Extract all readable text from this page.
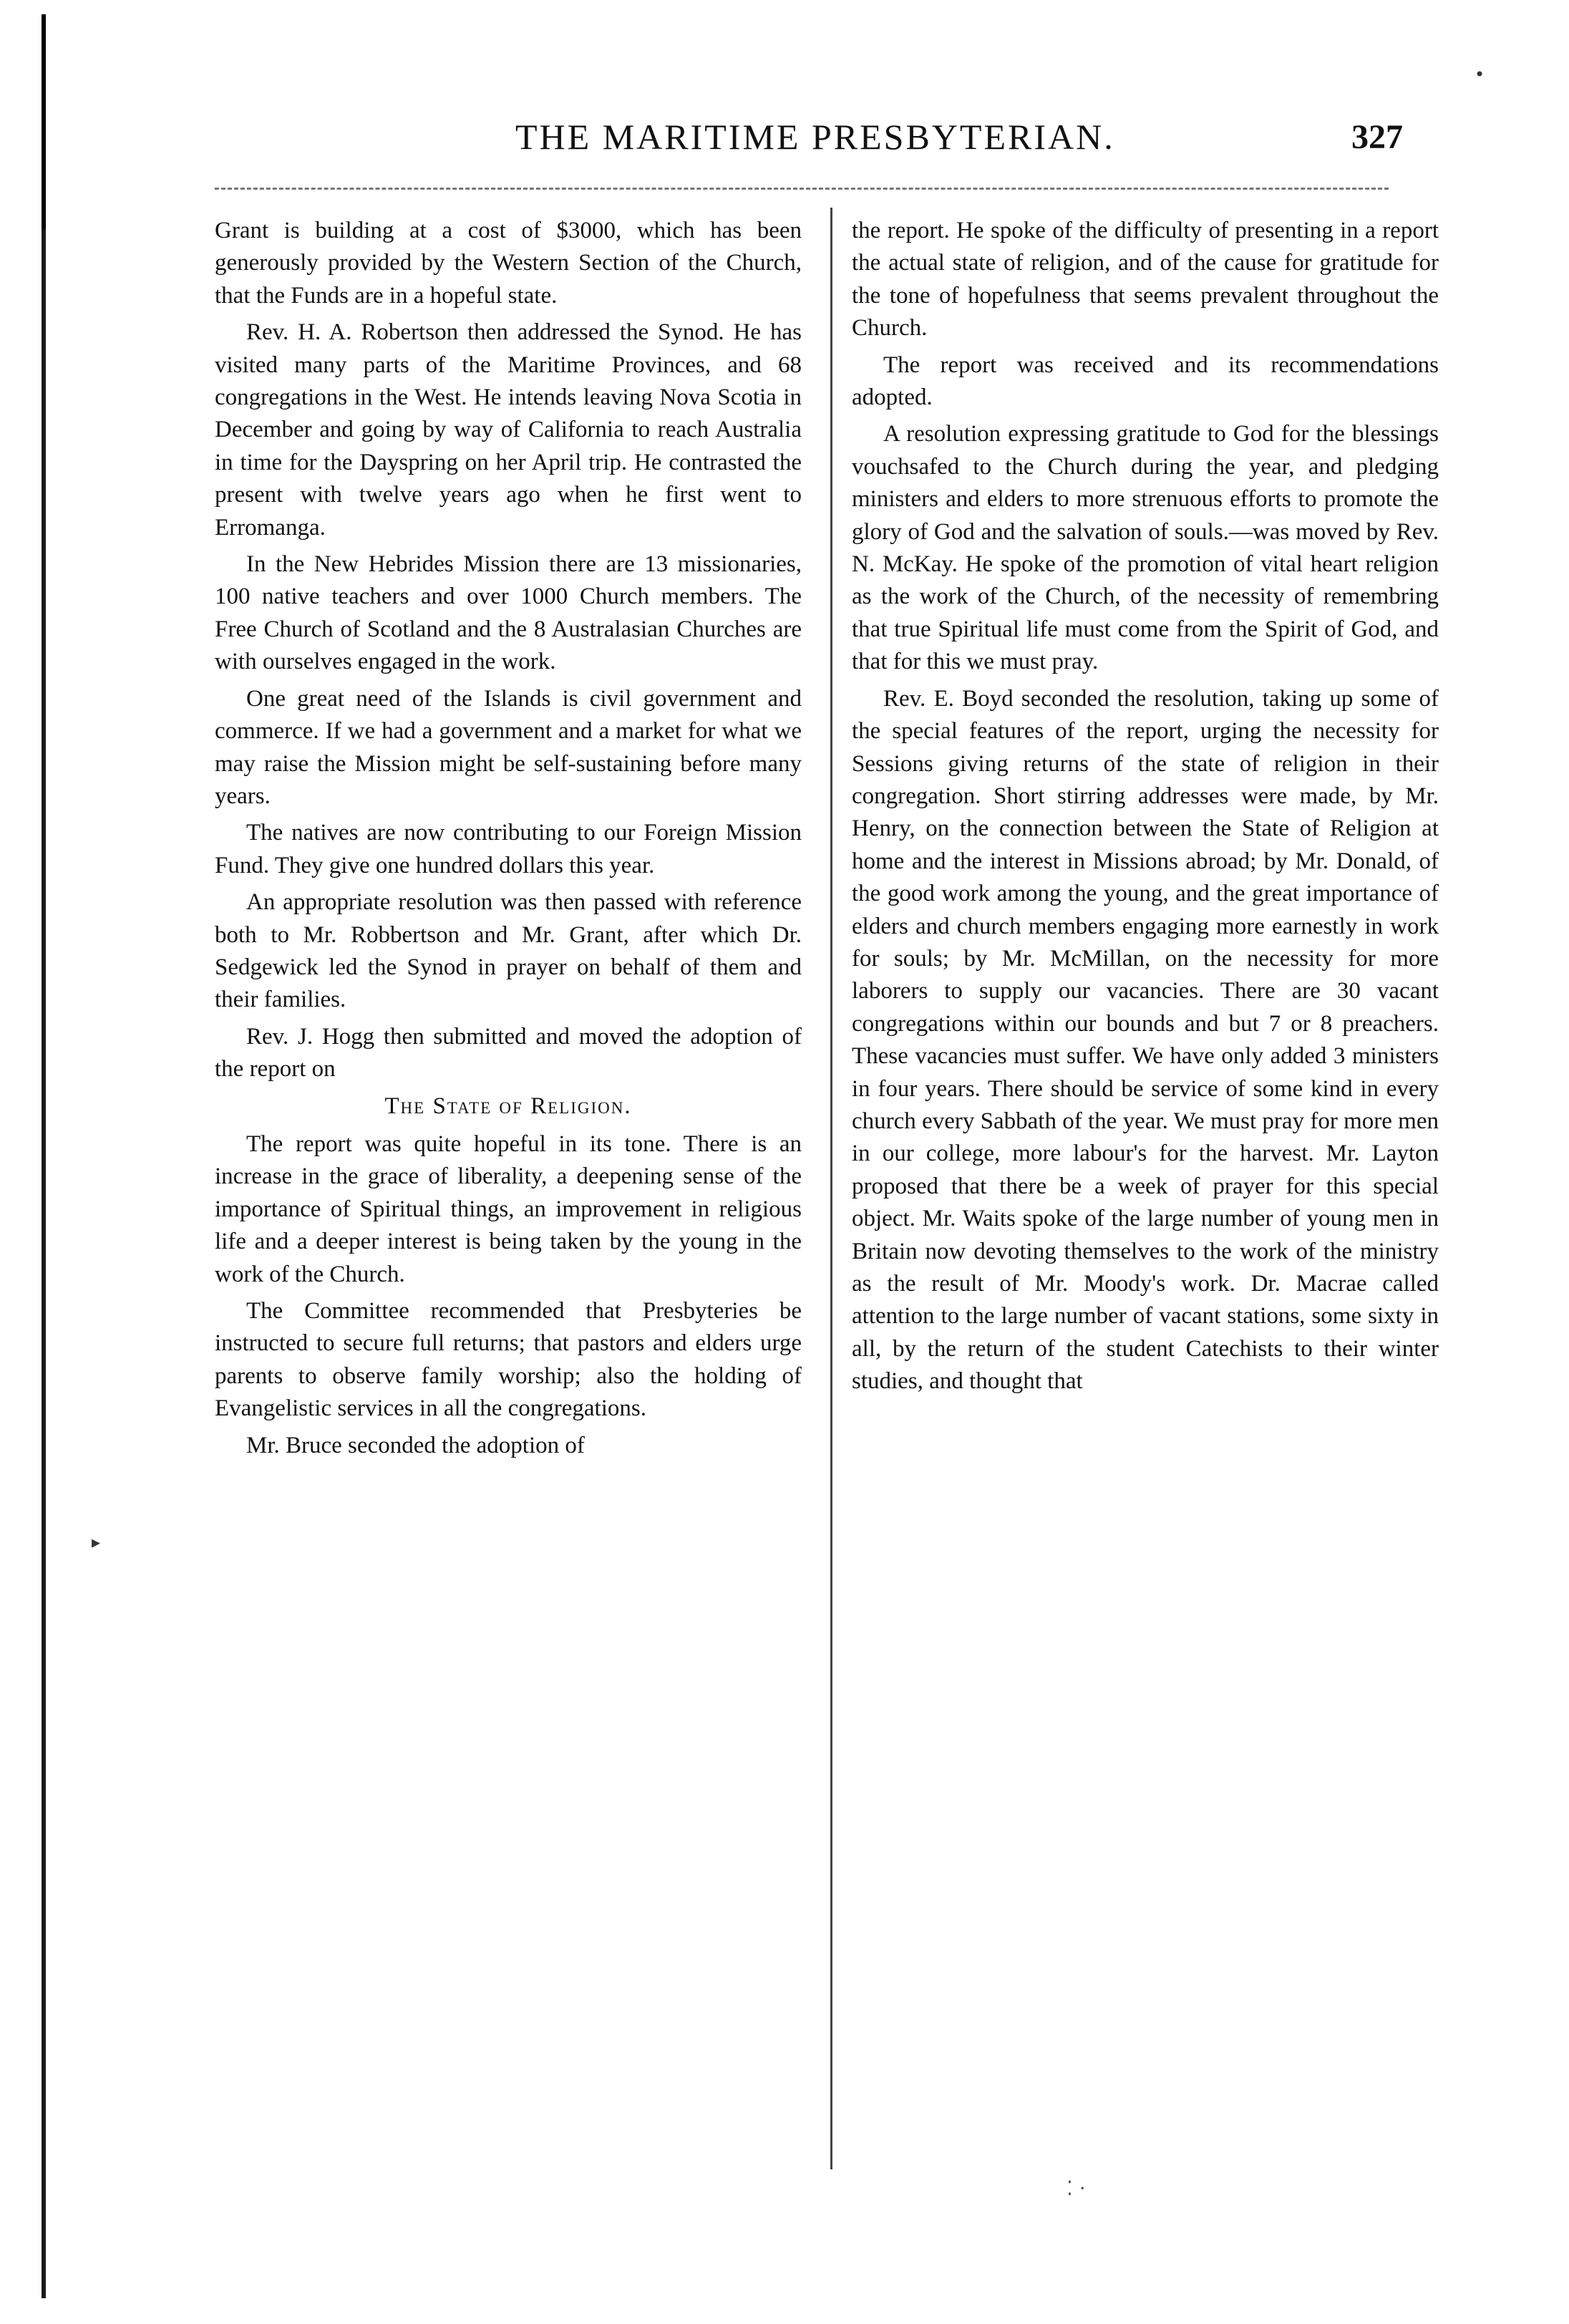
•
▸
THE MARITIME PRESBYTERIAN.	327

Grant is building at a cost of $3000, which has been generously provided by the Western Section of the Church, that the Funds are in a hopeful state.

Rev. H. A. Robertson then addressed the Synod. He has visited many parts of the Maritime Provinces, and 68 congregations in the West. He intends leaving Nova Scotia in December and going by way of California to reach Australia in time for the Dayspring on her April trip. He contrasted the present with twelve years ago when he first went to Erromanga.

In the New Hebrides Mission there are 13 missionaries, 100 native teachers and over 1000 Church members. The Free Church of Scotland and the 8 Australasian Churches are with ourselves engaged in the work.

One great need of the Islands is civil government and commerce. If we had a government and a market for what we may raise the Mission might be self-sustaining before many years.

The natives are now contributing to our Foreign Mission Fund. They give one hundred dollars this year.

An appropriate resolution was then passed with reference both to Mr. Robbertson and Mr. Grant, after which Dr. Sedgewick led the Synod in prayer on behalf of them and their families.

Rev. J. Hogg then submitted and moved the adoption of the report on

The State of Religion.

The report was quite hopeful in its tone. There is an increase in the grace of liberality, a deepening sense of the importance of Spiritual things, an improvement in religious life and a deeper interest is being taken by the young in the work of the Church.

The Committee recommended that Presbyteries be instructed to secure full returns; that pastors and elders urge parents to observe family worship; also the holding of Evangelistic services in all the congregations.

Mr. Bruce seconded the adoption of

the report. He spoke of the difficulty of presenting in a report the actual state of religion, and of the cause for gratitude for the tone of hopefulness that seems prevalent throughout the Church.

The report was received and its recommendations adopted.

A resolution expressing gratitude to God for the blessings vouchsafed to the Church during the year, and pledging ministers and elders to more strenuous efforts to promote the glory of God and the salvation of souls.—was moved by Rev. N. McKay. He spoke of the promotion of vital heart religion as the work of the Church, of the necessity of remembring that true Spiritual life must come from the Spirit of God, and that for this we must pray.

Rev. E. Boyd seconded the resolution, taking up some of the special features of the report, urging the necessity for Sessions giving returns of the state of religion in their congregation. Short stirring addresses were made, by Mr. Henry, on the connection between the State of Religion at home and the interest in Missions abroad; by Mr. Donald, of the good work among the young, and the great importance of elders and church members engaging more earnestly in work for souls; by Mr. McMillan, on the necessity for more laborers to supply our vacancies. There are 30 vacant congregations within our bounds and but 7 or 8 preachers. These vacancies must suffer. We have only added 3 ministers in four years. There should be service of some kind in every church every Sabbath of the year. We must pray for more men in our college, more labour's for the harvest. Mr. Layton proposed that there be a week of prayer for this special object. Mr. Waits spoke of the large number of young men in Britain now devoting themselves to the work of the ministry as the result of Mr. Moody's work. Dr. Macrae called attention to the large number of vacant stations, some sixty in all, by the return of the student Catechists to their winter studies, and thought that

⁚ ·
